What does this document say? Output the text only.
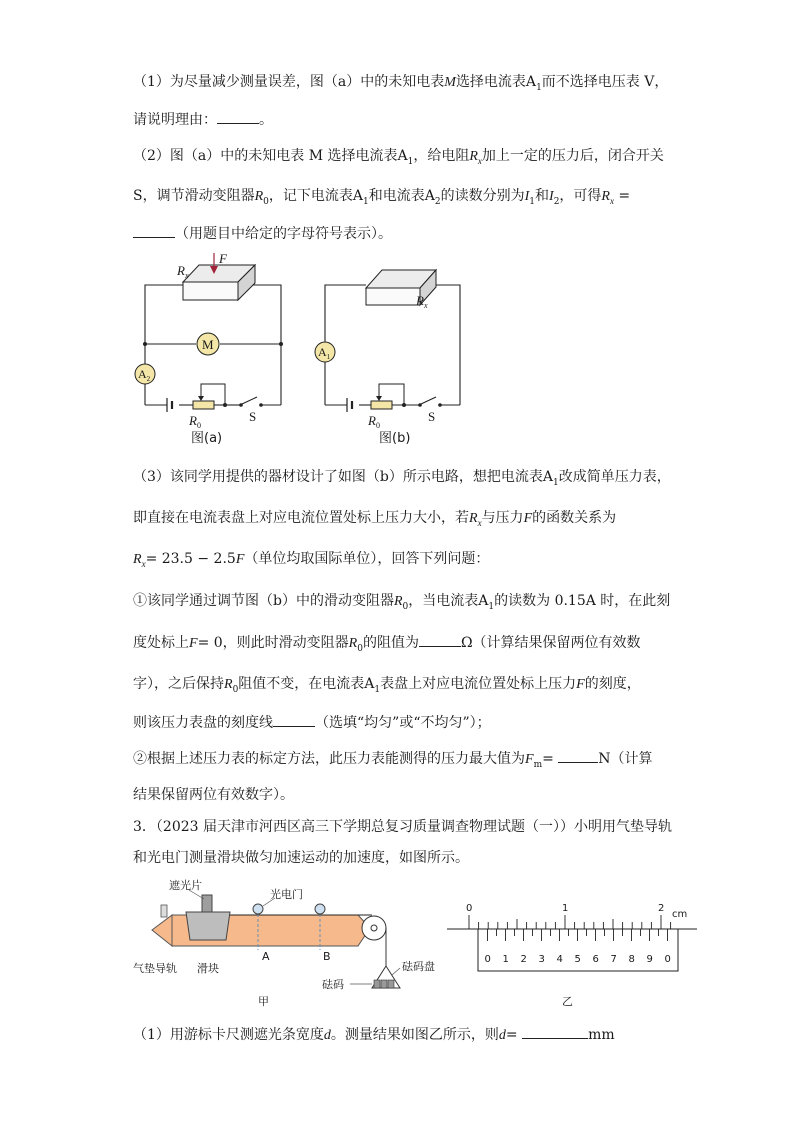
（1）为尽量减少测量误差，图（a）中的未知电表M选择电流表$A_1$而不选择电压表 V，
请说明理由：	。
（2）图（a）中的未知电表 M 选择电流表$A_1$，给电阻$R_x$加上一定的压力后，闭合开关
S，调节滑动变阻器$R_0$，记下电流表$A_1$和电流表$A_2$的读数分别为$I_1$和$I_2$，可得$R_x$ =
（用题目中给定的字母符号表示）。
$R_x$
F
M
$A_2$
$R_0$
S
图(a)
$R_x$
$A_1$
$R_0$
S
图(b)
（3）该同学用提供的器材设计了如图（b）所示电路，想把电流表$A_1$改成简单压力表，
即直接在电流表盘上对应电流位置处标上压力大小，若$R_x$与压力F的函数关系为
$R_x= 23.5 - 2.5F$（单位均取国际单位），回答下列问题：
①该同学通过调节图（b）中的滑动变阻器$R_0$，当电流表$A_1$的读数为 0.15A 时，在此刻
度处标上F= 0，则此时滑动变阻器$R_0$的阻值为	Ω（计算结果保留两位有效数
字），之后保持$R_0$阻值不变，在电流表$A_1$表盘上对应电流位置处标上压力F的刻度，
则该压力表盘的刻度线	（选填“均匀”或“不均匀”）；
②根据上述压力表的标定方法，此压力表能测得的压力最大值为$F_m=$	N（计算
结果保留两位有效数字）。
3．（2023 届天津市河西区高三下学期总复习质量调查物理试题（一））小明用气垫导轨
和光电门测量滑块做匀加速运动的加速度，如图所示。
遮光片
光电门
气垫导轨 滑块
A	B
砝码盘
砝码
甲
0	1	2
0 1 2 3 4 5 6 7 8 9 0
cm
乙
（1）用游标卡尺测遮光条宽度d。测量结果如图乙所示，则d=	mm
